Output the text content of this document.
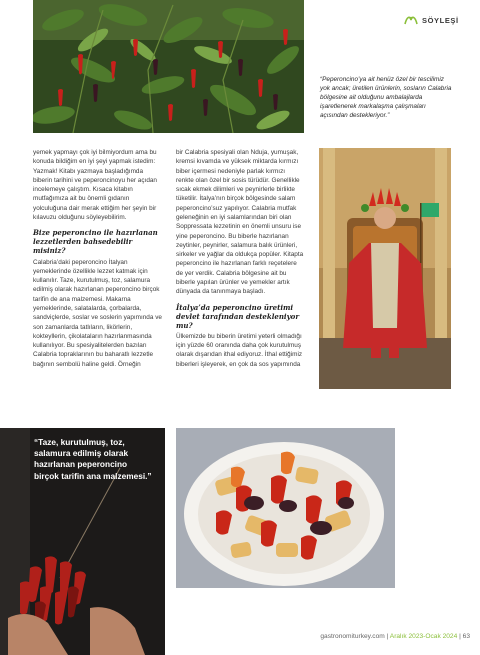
SÖYLEŞİ
“Peperoncino’ya ait henüz özel bir tescilimiz yok ancak; üretilen ürünlerin, sosların Calabria bölgesine ait olduğunu ambalajlarda işaretlenerek markalaşma çalışmaları açısından destekleriyor.”

yemek yapmayı çok iyi bilmiyordum ama bu konuda bildiğim en iyi şeyi yapmak istedim: Yazmak! Kitabı yazmaya başladığımda biberin tarihini ve peperoncinoyu her açıdan incelemeye çalıştım. Kısaca kitabın mutfağımıza ait bu önemli gıdanın yolculuğuna dair merak ettiğim her şeyin bir kılavuzu olduğunu söyleyebilirim.

Bize peperoncino ile hazırlanan lezzetlerden bahsedebilir misiniz?

Calabria’daki peperoncino İtalyan yemeklerinde özellikle lezzet katmak için kullanılır. Taze, kurutulmuş, toz, salamura edilmiş olarak hazırlanan peperoncino birçok tarifin de ana malzemesi. Makarna yemeklerinde, salatalarda, çorbalarda, sandviçlerde, soslar ve soslerin yapımında ve son zamanlarda tatlıların, likörlerin, kokteyllerin, çikolataların hazırlanmasında kullanılıyor. Bu spesiyalitelerden bazıları Calabria topraklarının bu baharatlı lezzetle bağının sembolü haline geldi. Örneğin

bir Calabria spesiyali olan Nduja, yumuşak, kremsi kıvamda ve yüksek miktarda kırmızı biber içermesi nedeniyle parlak kırmızı renkte olan özel bir sosis türüdür. Genellikle sıcak ekmek dilimleri ve peynirlerle birlikte tüketilir. İtalya’nın birçok bölgesinde salam peperoncino’suz yapılıyor. Calabria mutfak geleneğinin en iyi salamlarından biri olan Soppressata lezzetinin en önemli unsuru ise yine peperoncino. Bu biberle hazırlanan zeytinler, peynirler, salamura balık ürünleri, sirkeler ve yağlar da oldukça popüler. Kitapta peperoncino ile hazırlanan farklı reçetelere de yer verdik. Calabria bölgesine ait bu biberle yapılan ürünler ve yemekler artık dünyada da tanınmaya başladı.

İtalya’da peperoncino üretimi devlet tarafından destekleniyor mu?

Ülkemizde bu biberin üretimi yeterli olmadığı için yüzde 60 oranında daha çok kurutulmuş olarak dışarıdan ithal ediyoruz. İthal ettiğimiz biberleri işleyerek, en çok da sos yapımında

“Taze, kurutulmuş, toz, salamura edilmiş olarak hazırlanan peperoncino birçok tarifin ana malzemesi.”
gastronomiturkey.com | Aralık 2023-Ocak 2024 | 63
